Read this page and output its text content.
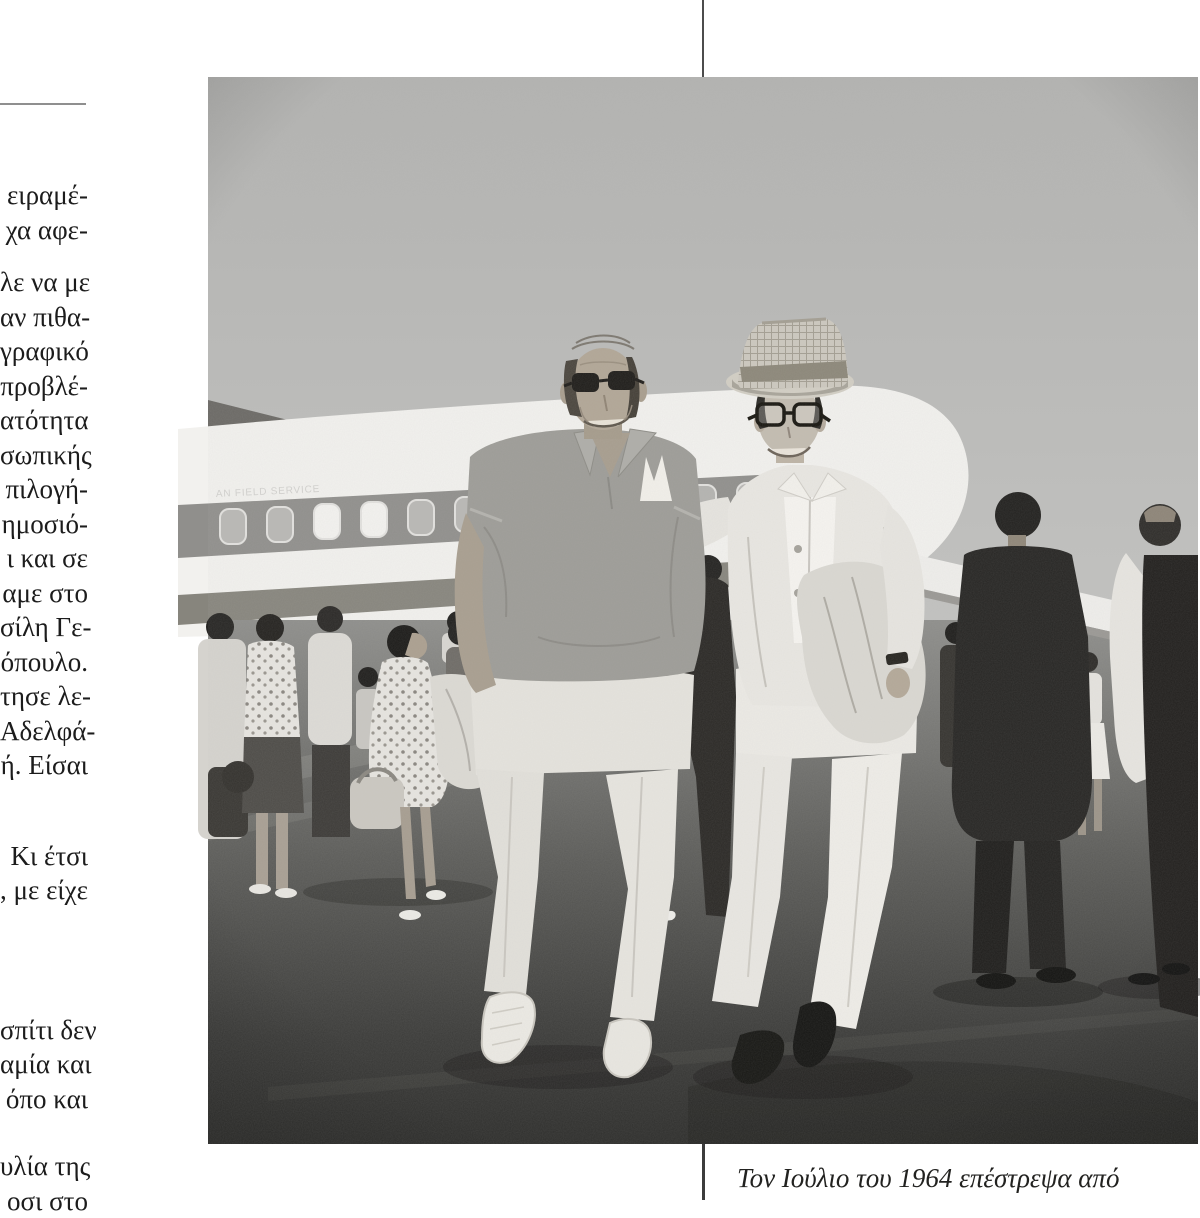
ειραμέ-
χα αφε-
λε να με
αν πιθα-
γραφικό
προβλέ-
ατότητα
σωπικής
πιλογή-
ημοσιό-
ι και σε
αμε στο
σίλη Γε-
όπουλο.
τησε λε-
Αδελφά-
ή. Είσαι
Κι έτσι
, με είχε
σπίτι δεν
αμία και
όπο και
υλία της
οσι στο
Τον Ιούλιο του 1964 επέστρεψα από
